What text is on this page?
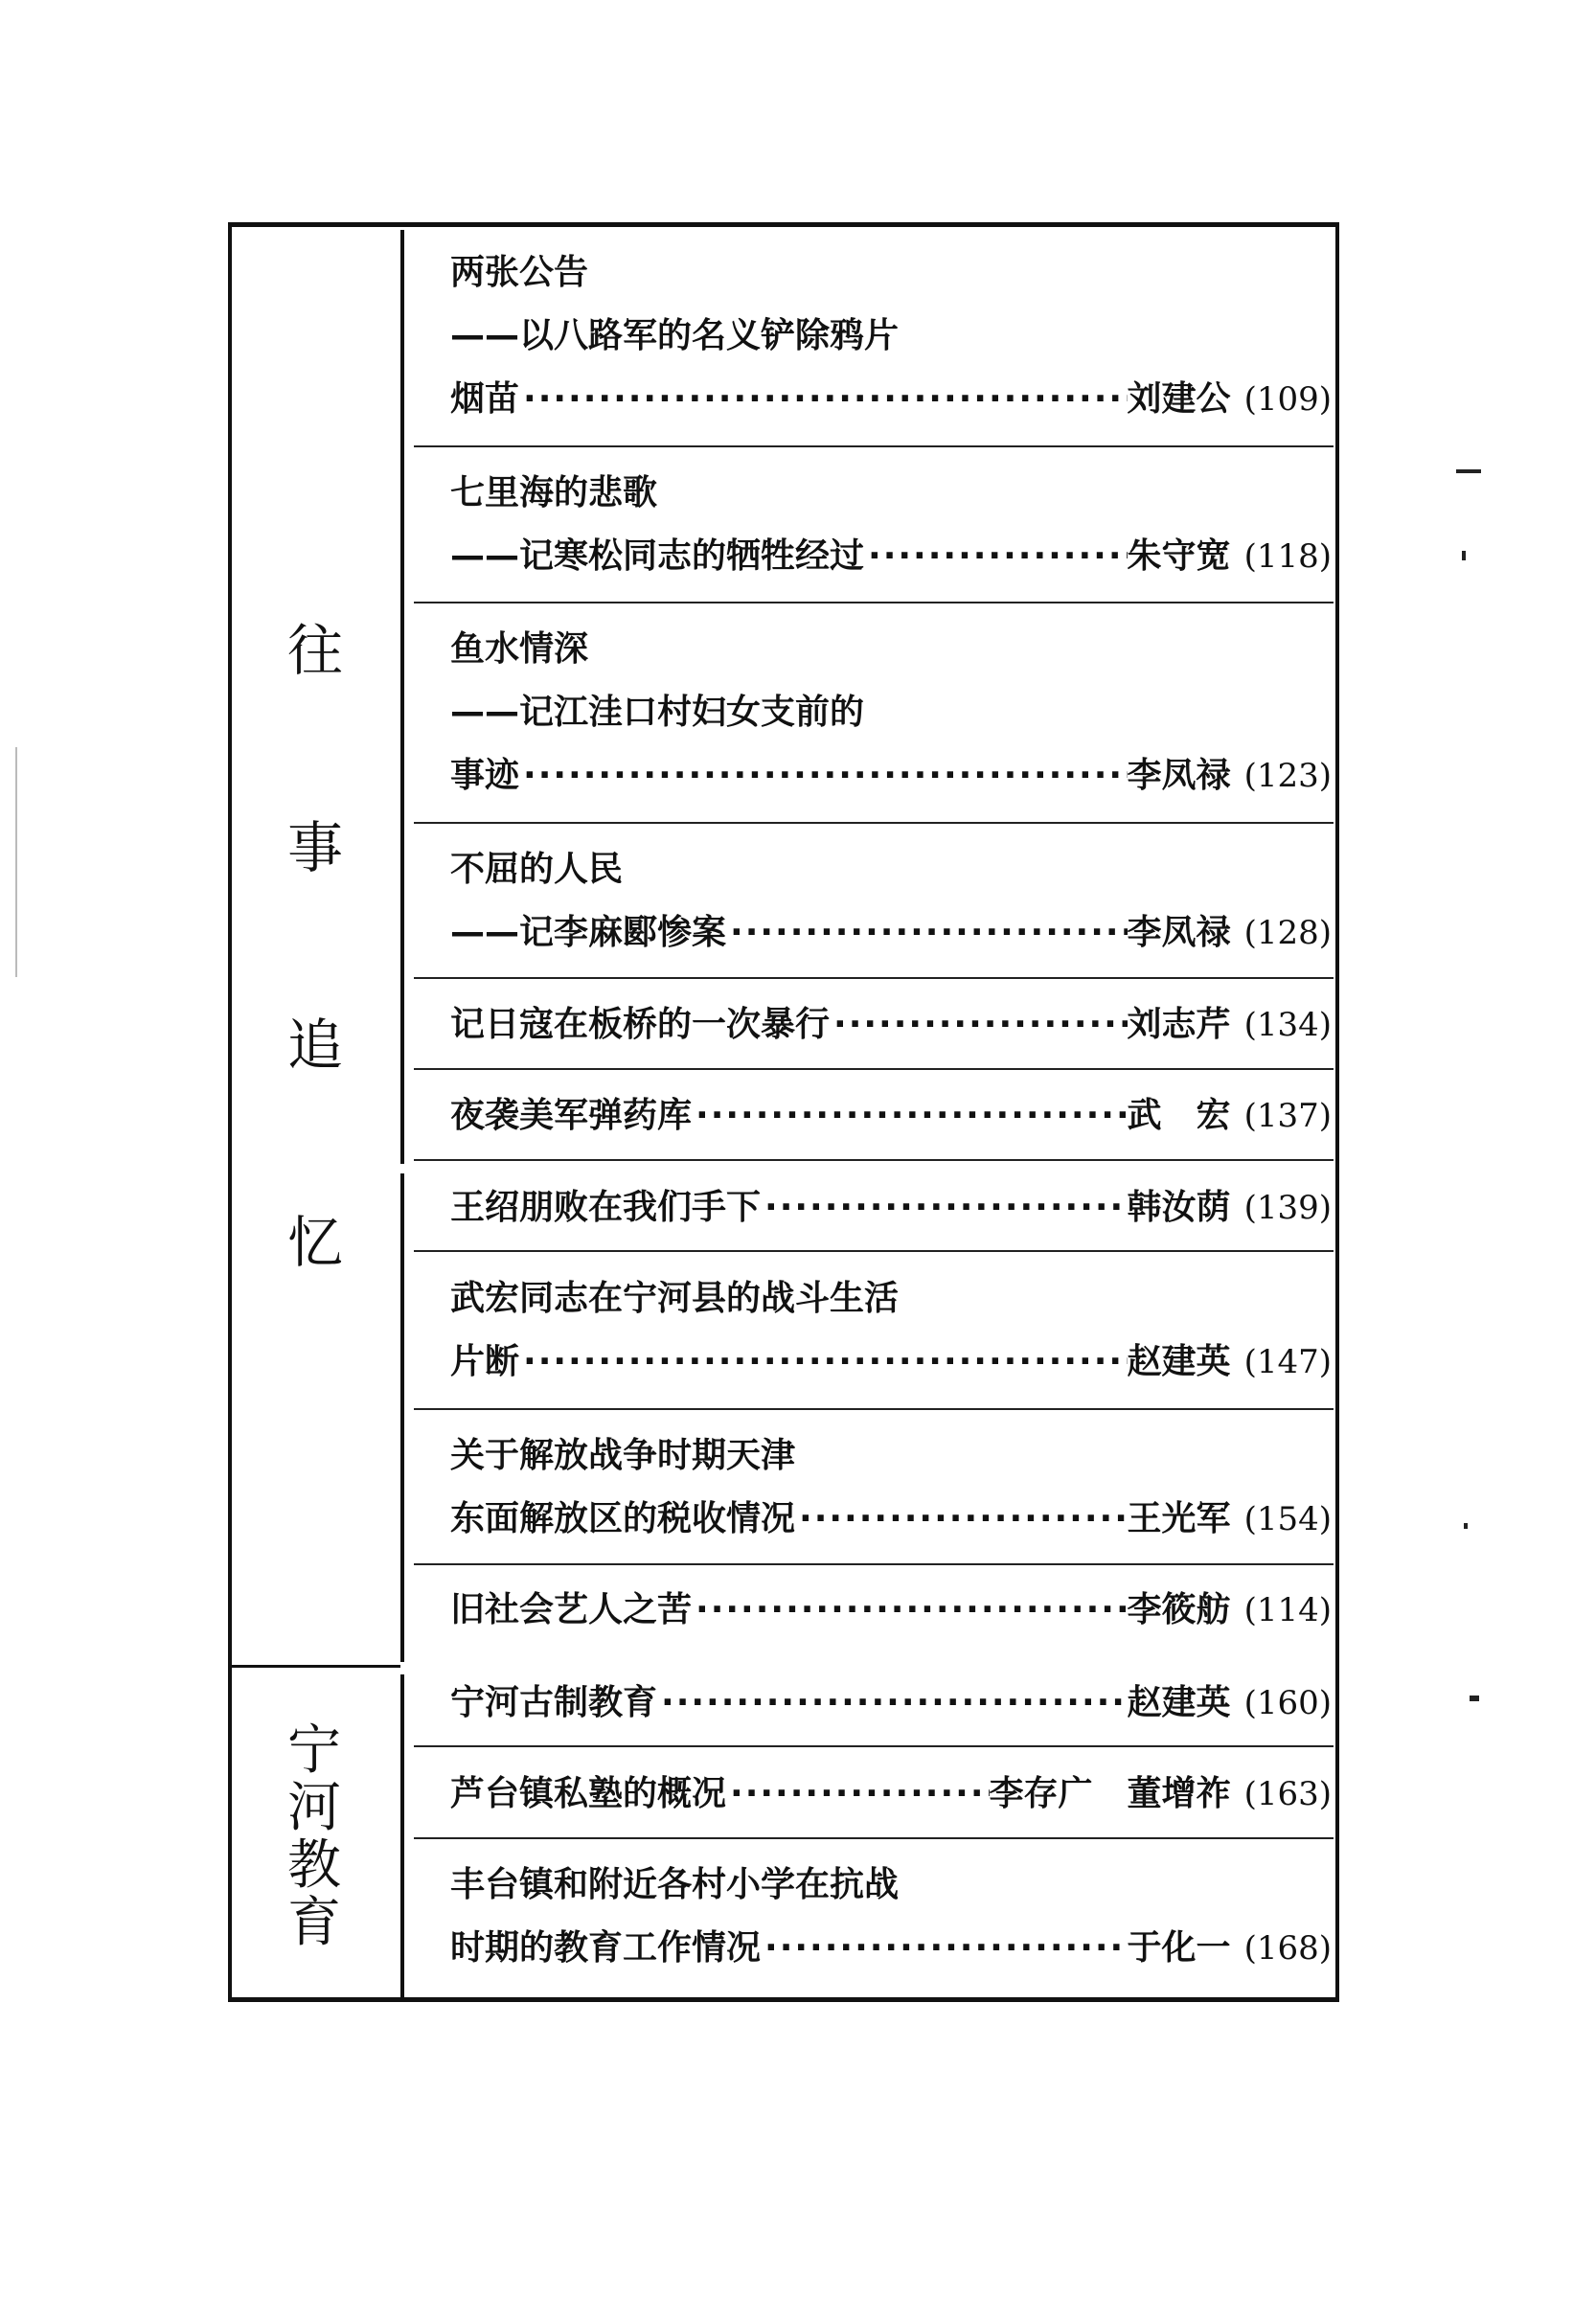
往
事
追
忆
宁
河
教
育
两张公告
——以八路军的名义铲除鸦片
烟苗 ·····	刘建公 (109)
七里海的悲歌
——记寒松同志的牺牲经过 ·····	朱守宽 (118)
鱼水情深
——记江洼口村妇女支前的
事迹 ·····	李凤禄 (123)
不屈的人民
——记李麻郾惨案 ·····	李凤禄 (128)
记日寇在板桥的一次暴行 ·····	刘志芹 (134)
夜袭美军弹药库 ·····	武　宏 (137)
王绍朋败在我们手下 ·····	韩汝荫 (139)
武宏同志在宁河县的战斗生活
片断 ·····	赵建英 (147)
关于解放战争时期天津
东面解放区的税收情况 ·····	王光军 (154)
旧社会艺人之苦 ·····	李筱舫 (114)
宁河古制教育 ·····	赵建英 (160)
芦台镇私塾的概况 ·····	李存广　董增祚 (163)
丰台镇和附近各村小学在抗战
时期的教育工作情况 ·····	于化一 (168)
